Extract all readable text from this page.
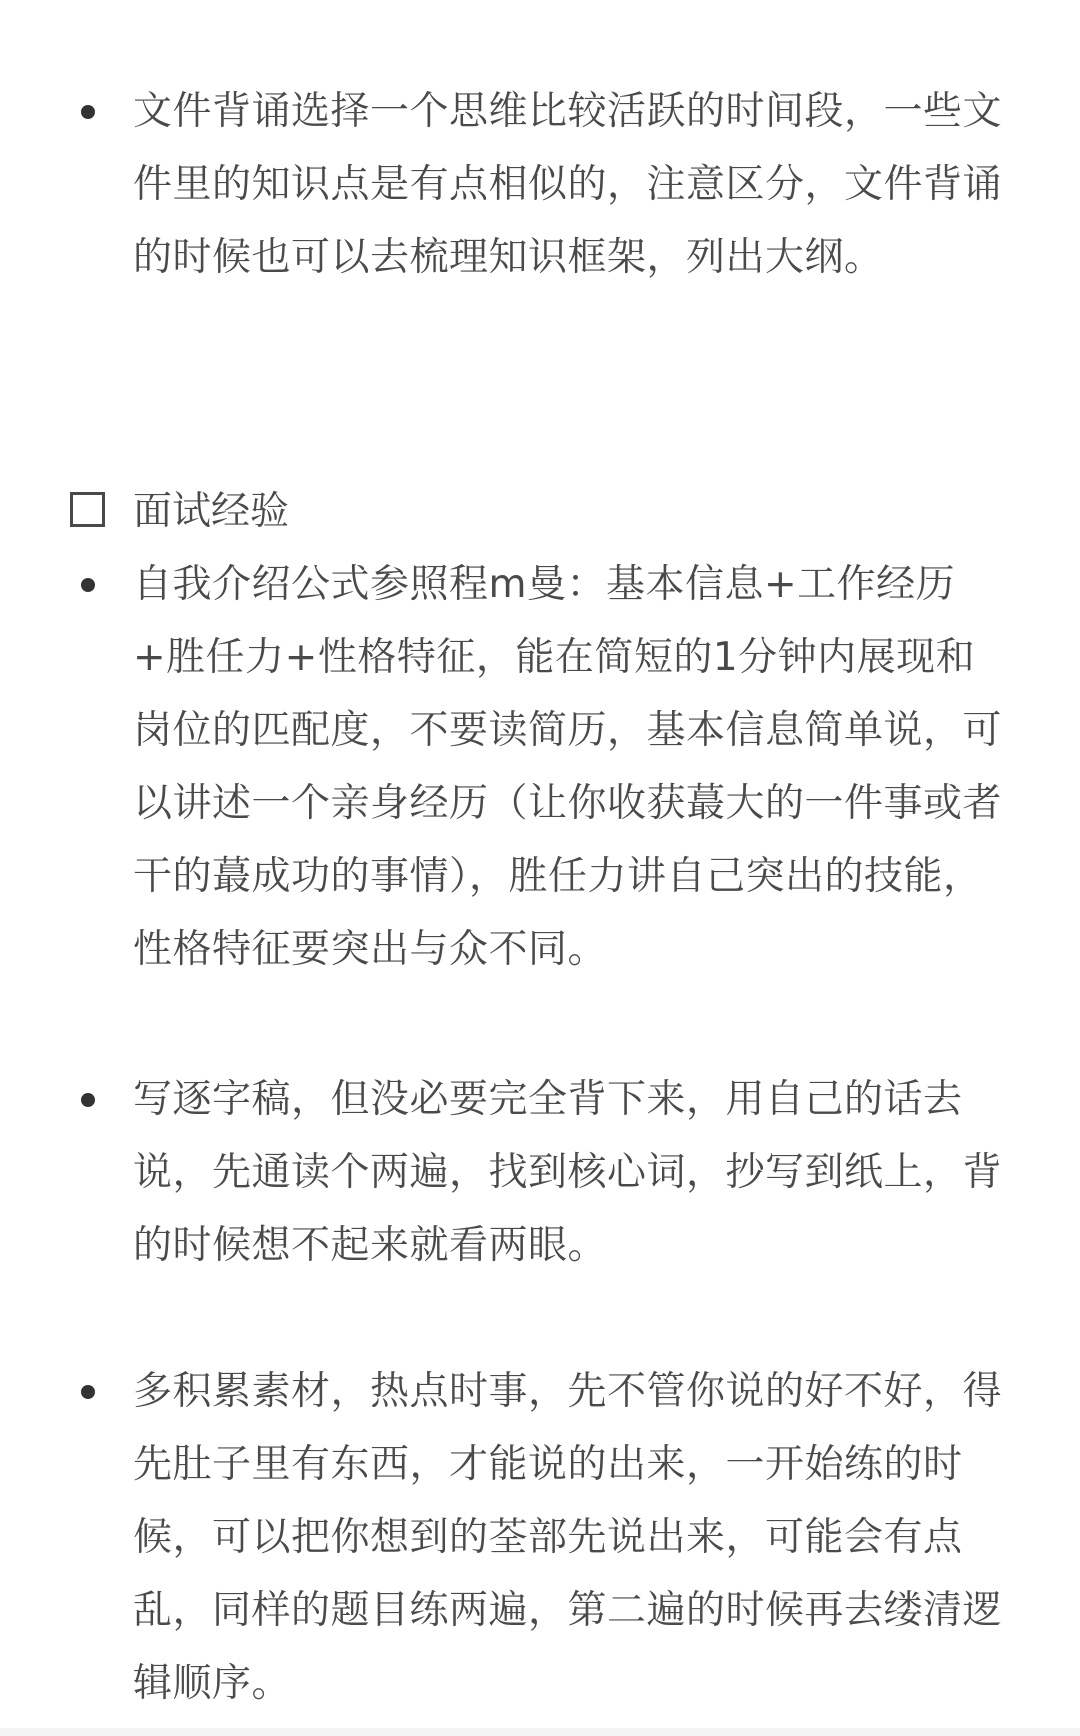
文件背诵选择一个思维比较活跃的时间段，一些文件里的知识点是有点相似的，注意区分，文件背诵的时候也可以去梳理知识框架，列出大纲。
面试经验
自我介绍公式参照程m曼：基本信息+工作经历+胜任力+性格特征，能在简短的1分钟内展现和岗位的匹配度，不要读简历，基本信息简单说，可以讲述一个亲身经历（让你收获蕞大的一件事或者干的蕞成功的事情），胜任力讲自己突出的技能，性格特征要突出与众不同。
写逐字稿，但没必要完全背下来，用自己的话去说，先通读个两遍，找到核心词，抄写到纸上，背的时候想不起来就看两眼。
多积累素材，热点时事，先不管你说的好不好，得先肚子里有东西，才能说的出来，一开始练的时候，可以把你想到的荃部先说出来，可能会有点乱，同样的题目练两遍，第二遍的时候再去缕清逻辑顺序。
